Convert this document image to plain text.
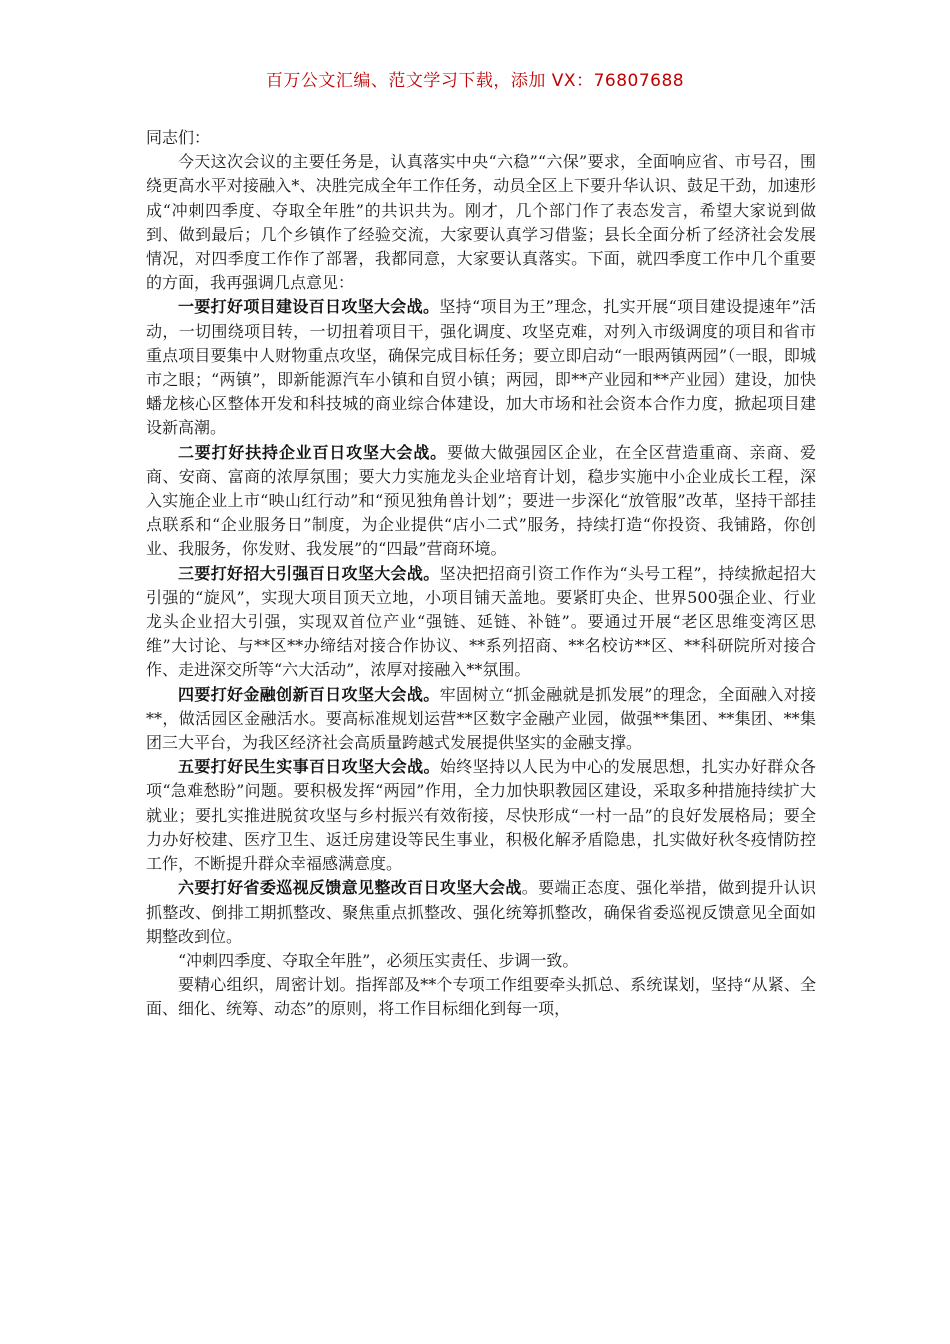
百万公文汇编、范文学习下载，添加 VX：76807688

同志们：

今天这次会议的主要任务是，认真落实中央“六稳”“六保”要求，全面响应省、市号召，围绕更高水平对接融入*、决胜完成全年工作任务，动员全区上下要升华认识、鼓足干劲，加速形成“冲刺四季度、夺取全年胜”的共识共为。刚才，几个部门作了表态发言，希望大家说到做到、做到最后；几个乡镇作了经验交流，大家要认真学习借鉴；县长全面分析了经济社会发展情况，对四季度工作作了部署，我都同意，大家要认真落实。下面，就四季度工作中几个重要的方面，我再强调几点意见：

一要打好项目建设百日攻坚大会战。坚持“项目为王”理念，扎实开展“项目建设提速年”活动，一切围绕项目转，一切扭着项目干，强化调度、攻坚克难，对列入市级调度的项目和省市重点项目要集中人财物重点攻坚，确保完成目标任务；要立即启动“一眼两镇两园”（一眼，即城市之眼；“两镇”，即新能源汽车小镇和自贸小镇；两园，即**产业园和**产业园）建设，加快蟠龙核心区整体开发和科技城的商业综合体建设，加大市场和社会资本合作力度，掀起项目建设新高潮。

二要打好扶持企业百日攻坚大会战。要做大做强园区企业，在全区营造重商、亲商、爱商、安商、富商的浓厚氛围；要大力实施龙头企业培育计划，稳步实施中小企业成长工程，深入实施企业上市“映山红行动”和“预见独角兽计划”；要进一步深化“放管服”改革，坚持干部挂点联系和“企业服务日”制度，为企业提供“店小二式”服务，持续打造“你投资、我铺路，你创业、我服务，你发财、我发展”的“四最”营商环境。

三要打好招大引强百日攻坚大会战。坚决把招商引资工作作为“头号工程”，持续掀起招大引强的“旋风”，实现大项目顶天立地，小项目铺天盖地。要紧盯央企、世界500强企业、行业龙头企业招大引强，实现双首位产业“强链、延链、补链”。要通过开展“老区思维变湾区思维”大讨论、与**区**办缔结对接合作协议、**系列招商、**名校访**区、**科研院所对接合作、走进深交所等“六大活动”，浓厚对接融入**氛围。

四要打好金融创新百日攻坚大会战。牢固树立“抓金融就是抓发展”的理念，全面融入对接**，做活园区金融活水。要高标准规划运营**区数字金融产业园，做强**集团、**集团、**集团三大平台，为我区经济社会高质量跨越式发展提供坚实的金融支撑。

五要打好民生实事百日攻坚大会战。始终坚持以人民为中心的发展思想，扎实办好群众各项“急难愁盼”问题。要积极发挥“两园”作用，全力加快职教园区建设，采取多种措施持续扩大就业；要扎实推进脱贫攻坚与乡村振兴有效衔接，尽快形成“一村一品”的良好发展格局；要全力办好校建、医疗卫生、返迁房建设等民生事业，积极化解矛盾隐患，扎实做好秋冬疫情防控工作，不断提升群众幸福感满意度。

六要打好省委巡视反馈意见整改百日攻坚大会战。要端正态度、强化举措，做到提升认识抓整改、倒排工期抓整改、聚焦重点抓整改、强化统筹抓整改，确保省委巡视反馈意见全面如期整改到位。

“冲刺四季度、夺取全年胜”，必须压实责任、步调一致。

要精心组织，周密计划。指挥部及**个专项工作组要牵头抓总、系统谋划，坚持“从紧、全面、细化、统筹、动态”的原则，将工作目标细化到每一项，
